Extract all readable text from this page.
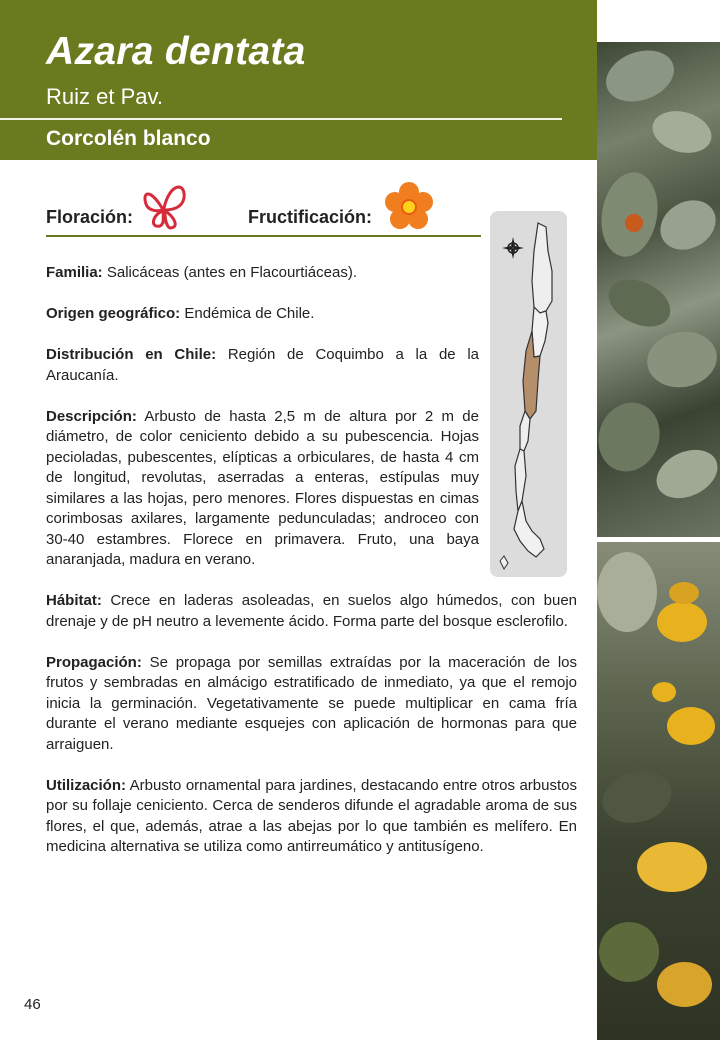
Azara dentata
Ruiz et Pav.
Corcolén blanco
Floración:	Fructificación:

Familia: Salicáceas (antes en Flacourtiáceas).

Origen geográfico: Endémica de Chile.

Distribución en Chile: Región de Coquimbo a la de la Araucanía.

Descripción: Arbusto de hasta 2,5 m de altura por 2 m de diámetro, de color ceniciento debido a su pubescencia. Hojas pecioladas, pubescentes, elípticas a orbiculares, de hasta 4 cm de longitud, revolutas, aserradas a enteras, estípulas muy similares a las hojas, pero menores. Flores dispuestas en cimas corimbosas axilares, largamente pedunculadas; androceo con 30-40 estambres. Florece en primavera. Fruto, una baya anaranjada, madura en verano.

Hábitat: Crece en laderas asoleadas, en suelos algo húmedos, con buen drenaje y de pH neutro a levemente ácido. Forma parte del bosque esclerofilo.

Propagación: Se propaga por semillas extraídas por la maceración de los frutos y sembradas en almácigo estratificado de inmediato, ya que el remojo inicia la germinación. Vegetativamente se puede multiplicar en cama fría durante el verano mediante esquejes con aplicación de hormonas para que arraiguen.

Utilización: Arbusto ornamental para jardines, destacando entre otros arbustos por su follaje ceniciento. Cerca de senderos difunde el agradable aroma de sus flores, el que, además, atrae a las abejas por lo que también es melífero. En medicina alternativa se utiliza como antirreumático y antitusígeno.

46
